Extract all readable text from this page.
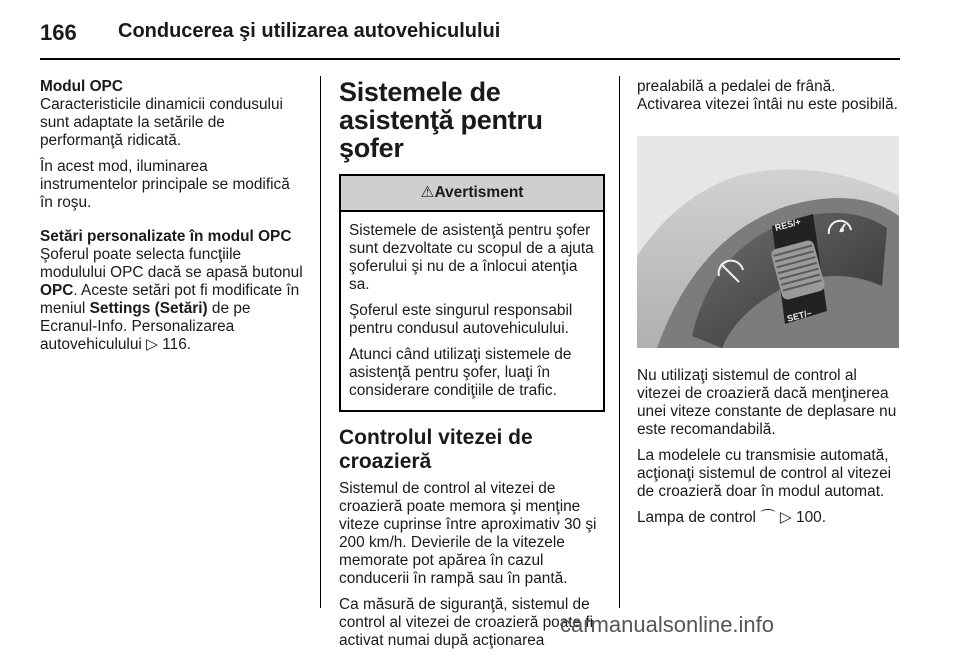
166 Conducerea şi utilizarea autovehiculului
Modul OPC

Caracteristicile dinamicii condusului sunt adaptate la setările de performanţă ridicată.

În acest mod, iluminarea instrumentelor principale se modifică în roşu.

Setări personalizate în modul OPC

Şoferul poate selecta funcţiile modulului OPC dacă se apasă butonul OPC. Aceste setări pot fi modificate în meniul Settings (Setări) de pe Ecranul-Info. Personalizarea autovehiculului ▷ 116.

Sistemele de asistenţă pentru şofer
⚠Avertisment

Sistemele de asistenţă pentru şofer sunt dezvoltate cu scopul de a ajuta şoferului şi nu de a înlocui atenţia sa.

Şoferul este singurul responsabil pentru condusul autovehiculului.

Atunci când utilizaţi sistemele de asistenţă pentru şofer, luaţi în considerare condiţiile de trafic.

Controlul vitezei de croazieră

Sistemul de control al vitezei de croazieră poate memora şi menţine viteze cuprinse între aproximativ 30 şi 200 km/h. Devierile de la vitezele memorate pot apărea în cazul conducerii în rampă sau în pantă.

Ca măsură de siguranţă, sistemul de control al vitezei de croazieră poate fi activat numai după acţionarea

prealabilă a pedalei de frână. Activarea vitezei întâi nu este posibilă.

RES/+
SET/–

Nu utilizaţi sistemul de control al vitezei de croazieră dacă menţinerea unei viteze constante de deplasare nu este recomandabilă.

La modelele cu transmisie automată, acţionaţi sistemul de control al vitezei de croazieră doar în modul automat.

Lampa de control ⌒ ▷ 100.

carmanualsonline.info
